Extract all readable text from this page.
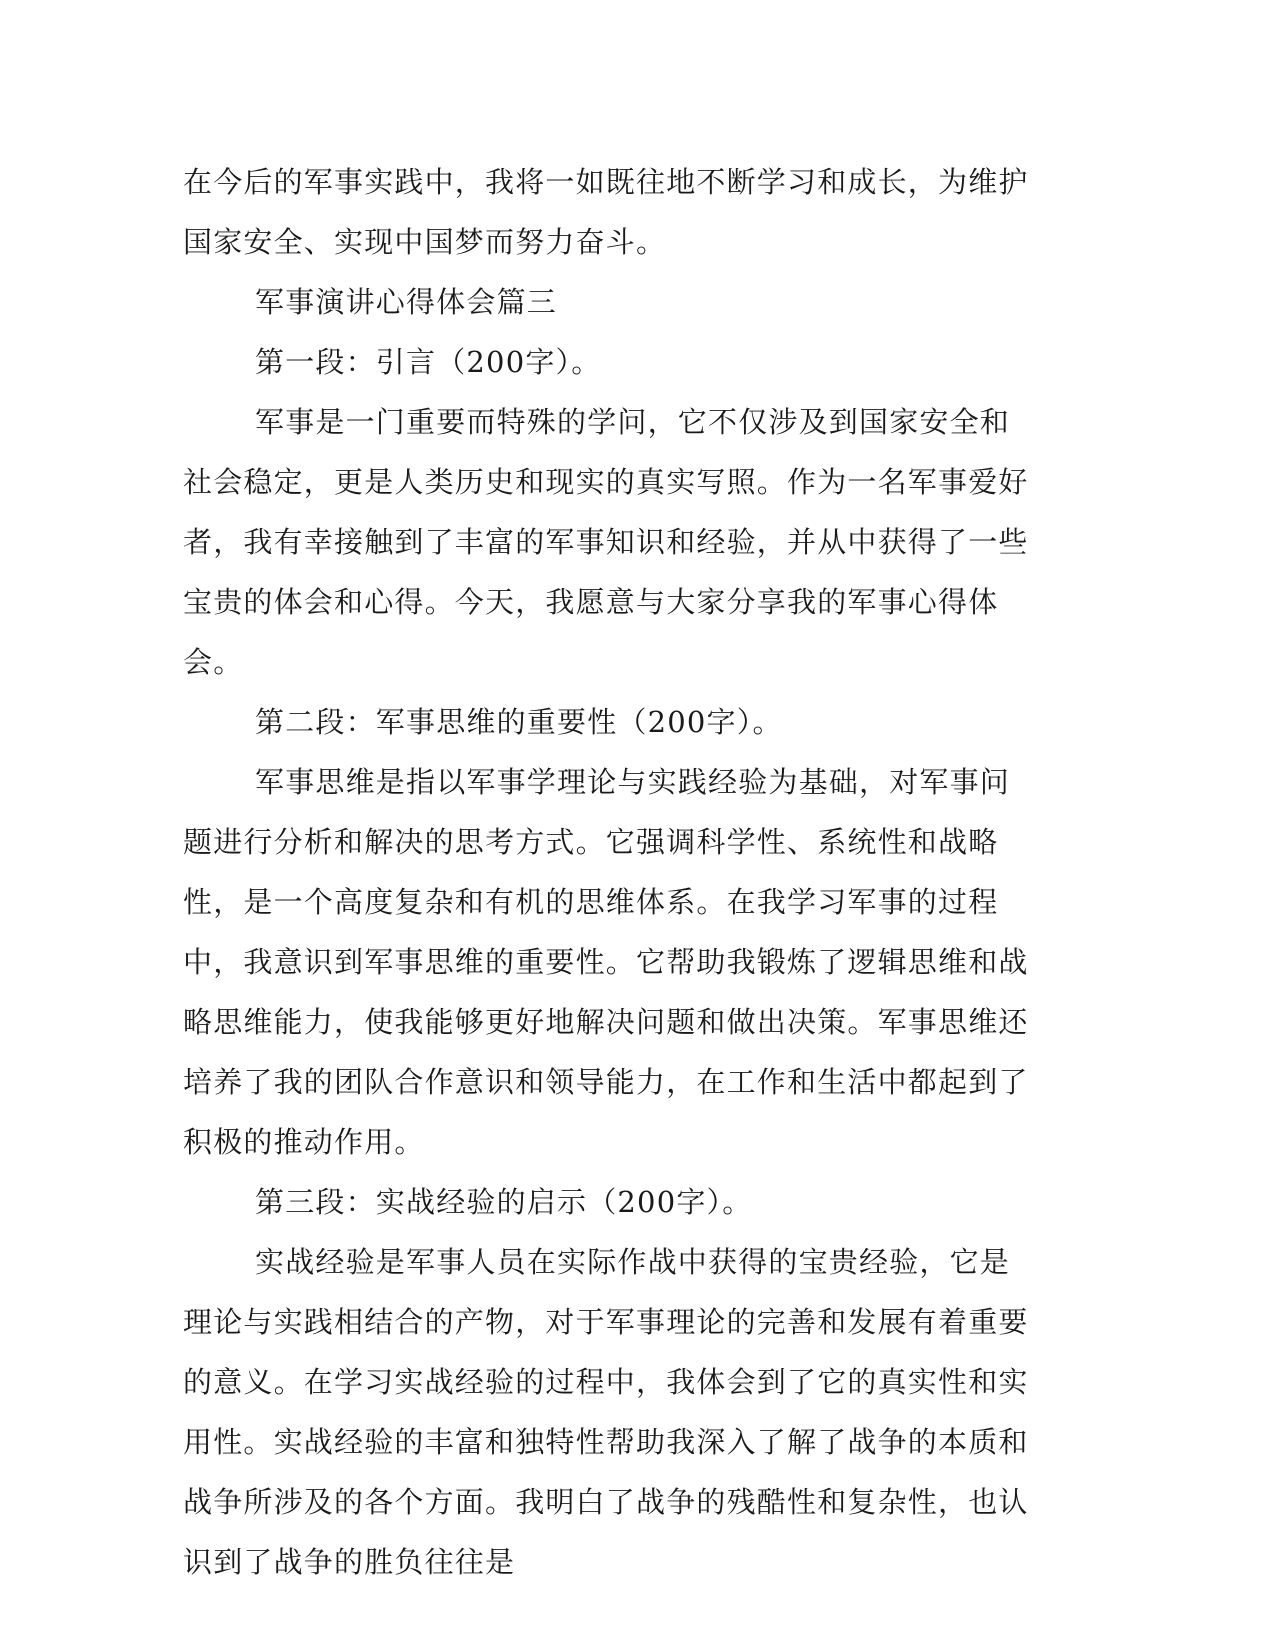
在今后的军事实践中，我将一如既往地不断学习和成长，为维护国家安全、实现中国梦而努力奋斗。

军事演讲心得体会篇三

第一段：引言（200字）。

军事是一门重要而特殊的学问，它不仅涉及到国家安全和社会稳定，更是人类历史和现实的真实写照。作为一名军事爱好者，我有幸接触到了丰富的军事知识和经验，并从中获得了一些宝贵的体会和心得。今天，我愿意与大家分享我的军事心得体会。

第二段：军事思维的重要性（200字）。

军事思维是指以军事学理论与实践经验为基础，对军事问题进行分析和解决的思考方式。它强调科学性、系统性和战略性，是一个高度复杂和有机的思维体系。在我学习军事的过程中，我意识到军事思维的重要性。它帮助我锻炼了逻辑思维和战略思维能力，使我能够更好地解决问题和做出决策。军事思维还培养了我的团队合作意识和领导能力，在工作和生活中都起到了积极的推动作用。

第三段：实战经验的启示（200字）。

实战经验是军事人员在实际作战中获得的宝贵经验，它是理论与实践相结合的产物，对于军事理论的完善和发展有着重要的意义。在学习实战经验的过程中，我体会到了它的真实性和实用性。实战经验的丰富和独特性帮助我深入了解了战争的本质和战争所涉及的各个方面。我明白了战争的残酷性和复杂性，也认识到了战争的胜负往往是
